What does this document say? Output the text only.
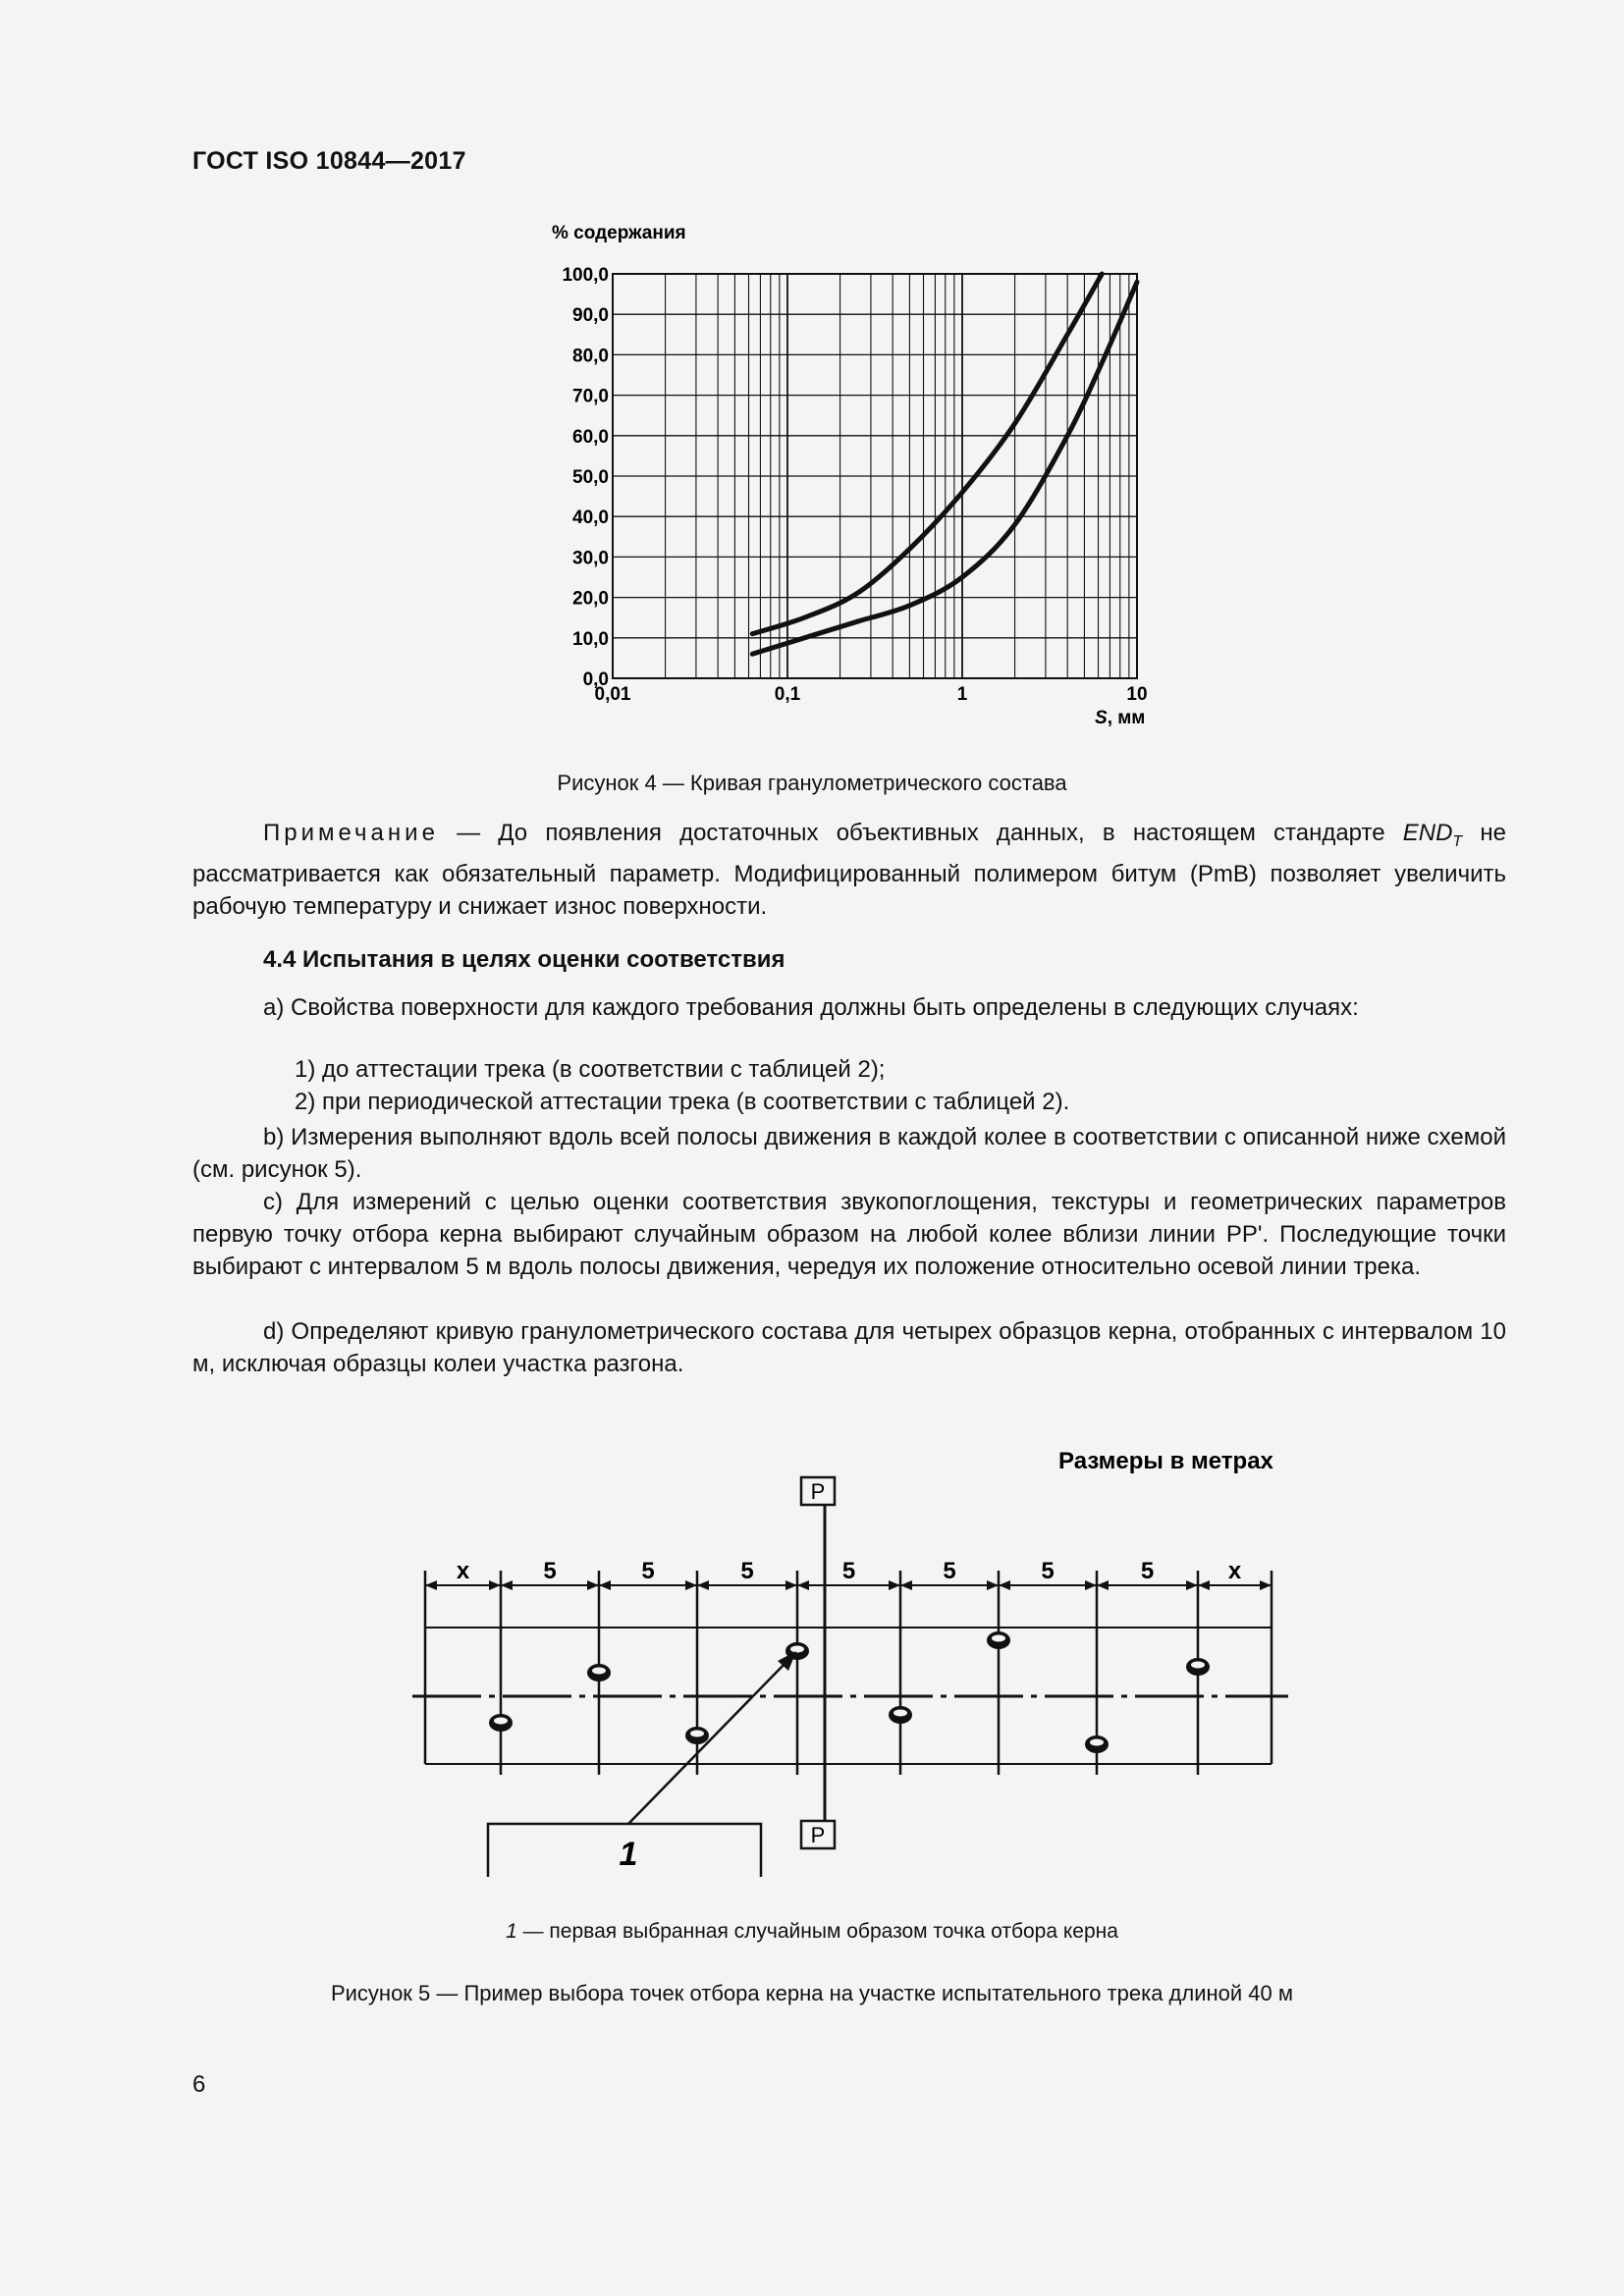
ГОСТ ISO 10844—2017
0,0
10,0
20,0
30,0
40,0
50,0
60,0
70,0
80,0
90,0
100,0
0,01	0,1	1	10
% содержания
S, мм
Рисунок 4 — Кривая гранулометрического состава
Примечание — До появления достаточных объективных данных, в настоящем стандарте $END_T$ не рассматривается как обязательный параметр. Модифицированный полимером битум (PmB) позволяет увеличить рабочую температуру и снижает износ поверхности.
4.4 Испытания в целях оценки соответствия
a) Свойства поверхности для каждого требования должны быть определены в следующих случаях:
1) до аттестации трека (в соответствии с таблицей 2);
2) при периодической аттестации трека (в соответствии с таблицей 2).
b) Измерения выполняют вдоль всей полосы движения в каждой колее в соответствии с описанной ниже схемой (см. рисунок 5).
c) Для измерений с целью оценки соответствия звукопоглощения, текстуры и геометрических параметров первую точку отбора керна выбирают случайным образом на любой колее вблизи линии PP'. Последующие точки выбирают с интервалом 5 м вдоль полосы движения, чередуя их положение относительно осевой линии трека.
d) Определяют кривую гранулометрического состава для четырех образцов керна, отобранных с интервалом 10 м, исключая образцы колеи участка разгона.
Размеры в метрах
P
P
x	5	5	5	5	5	5	5	x
1
1 — первая выбранная случайным образом точка отбора керна
Рисунок 5 — Пример выбора точек отбора керна на участке испытательного трека длиной 40 м
6
